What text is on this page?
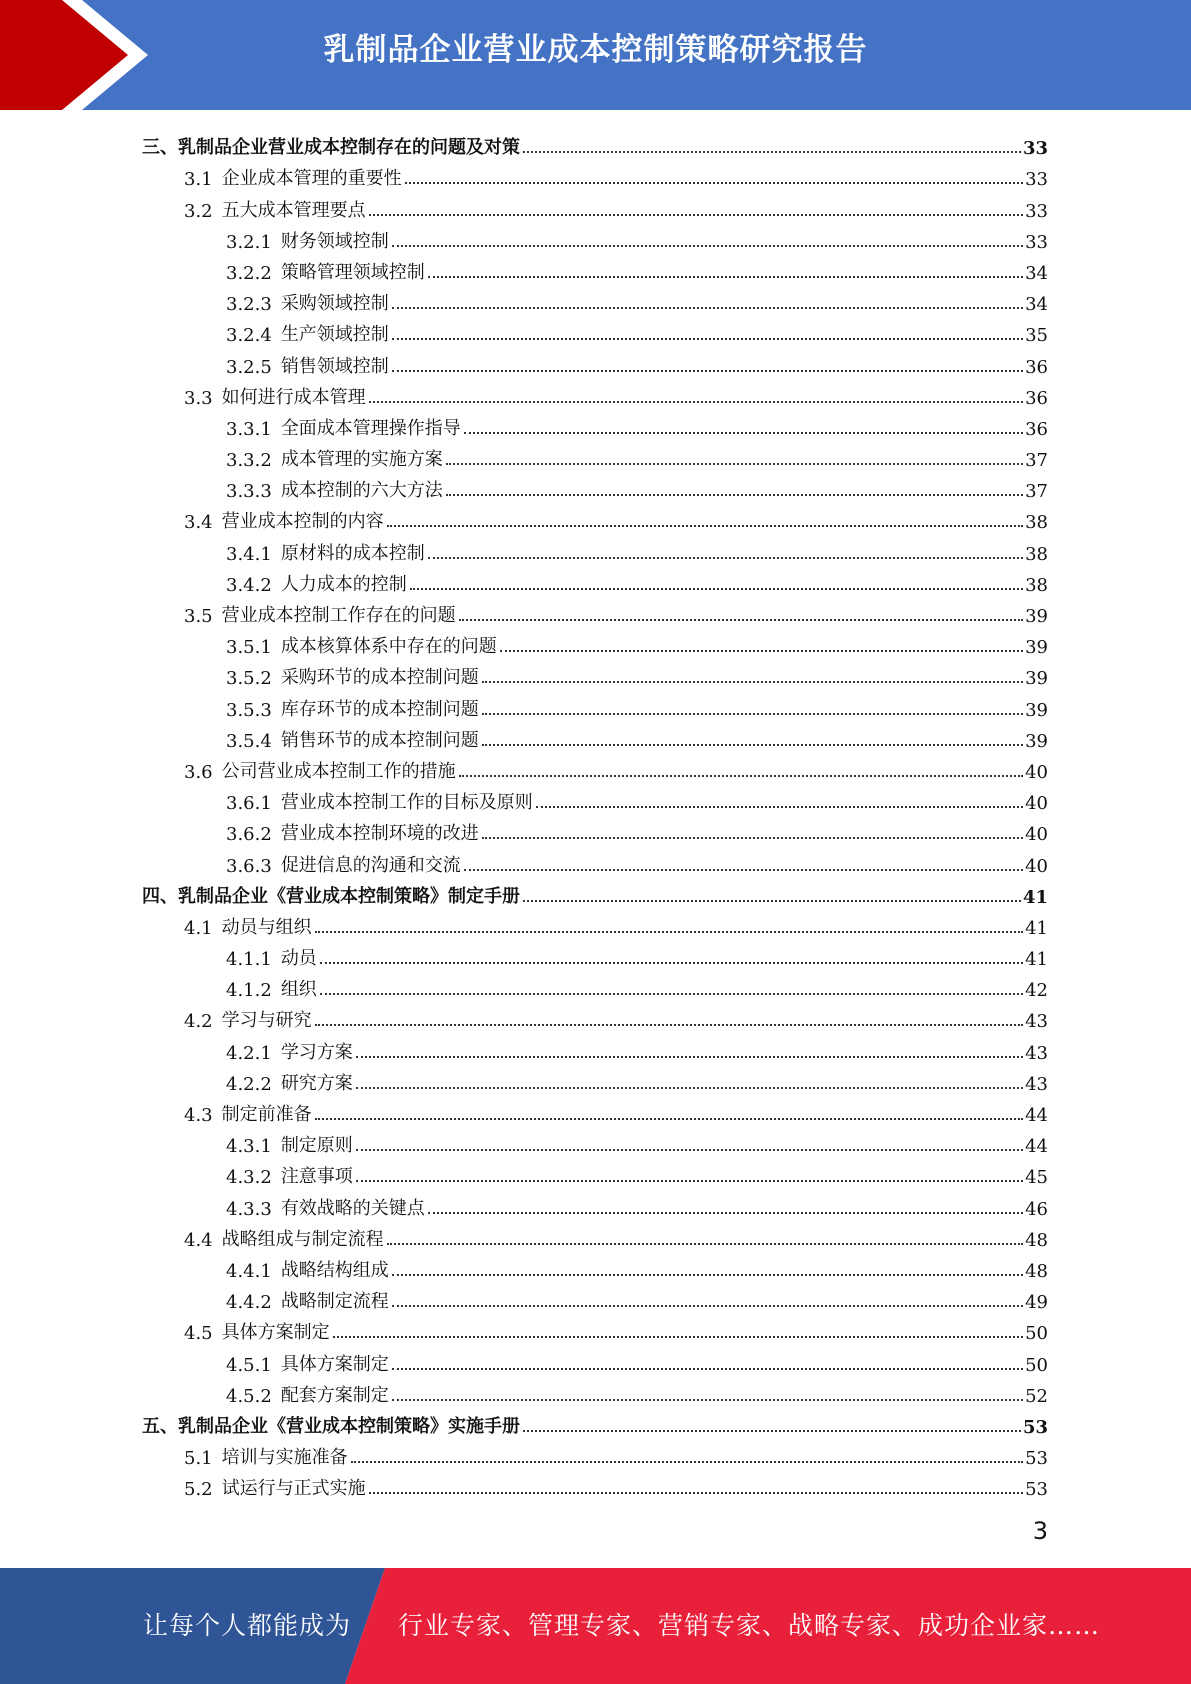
乳制品企业营业成本控制策略研究报告
三、乳制品企业营业成本控制存在的问题及对策	33
3.1 企业成本管理的重要性	33
3.2 五大成本管理要点	33
3.2.1 财务领域控制	33
3.2.2 策略管理领域控制	34
3.2.3 采购领域控制	34
3.2.4 生产领域控制	35
3.2.5 销售领域控制	36
3.3 如何进行成本管理	36
3.3.1 全面成本管理操作指导	36
3.3.2 成本管理的实施方案	37
3.3.3 成本控制的六大方法	37
3.4 营业成本控制的内容	38
3.4.1 原材料的成本控制	38
3.4.2 人力成本的控制	38
3.5 营业成本控制工作存在的问题	39
3.5.1 成本核算体系中存在的问题	39
3.5.2 采购环节的成本控制问题	39
3.5.3 库存环节的成本控制问题	39
3.5.4 销售环节的成本控制问题	39
3.6 公司营业成本控制工作的措施	40
3.6.1 营业成本控制工作的目标及原则	40
3.6.2 营业成本控制环境的改进	40
3.6.3 促进信息的沟通和交流	40
四、乳制品企业《营业成本控制策略》制定手册	41
4.1 动员与组织	41
4.1.1 动员	41
4.1.2 组织	42
4.2 学习与研究	43
4.2.1 学习方案	43
4.2.2 研究方案	43
4.3 制定前准备	44
4.3.1 制定原则	44
4.3.2 注意事项	45
4.3.3 有效战略的关键点	46
4.4 战略组成与制定流程	48
4.4.1 战略结构组成	48
4.4.2 战略制定流程	49
4.5 具体方案制定	50
4.5.1 具体方案制定	50
4.5.2 配套方案制定	52
五、乳制品企业《营业成本控制策略》实施手册	53
5.1 培训与实施准备	53
5.2 试运行与正式实施	53
3
让每个人都能成为 行业专家、管理专家、营销专家、战略专家、成功企业家……
